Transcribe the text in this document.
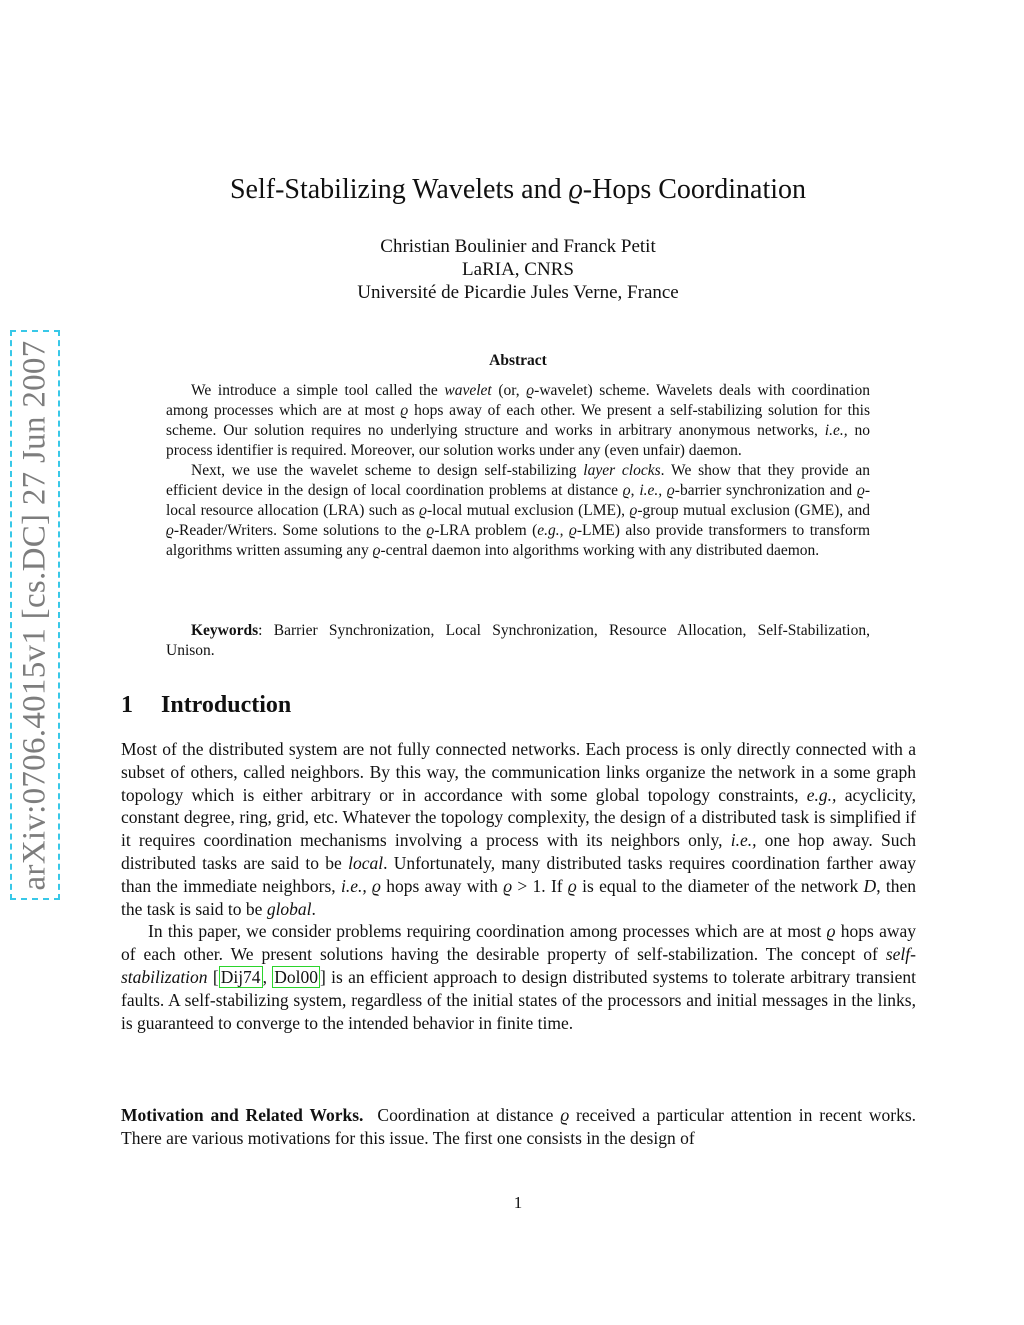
arXiv:0706.4015v1 [cs.DC] 27 Jun 2007
Self-Stabilizing Wavelets and ϱ-Hops Coordination
Christian Boulinier and Franck Petit
LaRIA, CNRS
Université de Picardie Jules Verne, France
Abstract

We introduce a simple tool called the wavelet (or, ϱ-wavelet) scheme. Wavelets deals with coordination among processes which are at most ϱ hops away of each other. We present a self-stabilizing solution for this scheme. Our solution requires no underlying structure and works in arbitrary anonymous networks, i.e., no process identifier is required. Moreover, our solution works under any (even unfair) daemon.

Next, we use the wavelet scheme to design self-stabilizing layer clocks. We show that they provide an efficient device in the design of local coordination problems at distance ϱ, i.e., ϱ-barrier synchronization and ϱ-local resource allocation (LRA) such as ϱ-local mutual exclusion (LME), ϱ-group mutual exclusion (GME), and ϱ-Reader/Writers. Some solutions to the ϱ-LRA problem (e.g., ϱ-LME) also provide transformers to transform algorithms written assuming any ϱ-central daemon into algorithms working with any distributed daemon.

Keywords: Barrier Synchronization, Local Synchronization, Resource Allocation, Self-Stabilization, Unison.
1 Introduction

Most of the distributed system are not fully connected networks. Each process is only directly connected with a subset of others, called neighbors. By this way, the communication links organize the network in a some graph topology which is either arbitrary or in accordance with some global topology constraints, e.g., acyclicity, constant degree, ring, grid, etc. Whatever the topology complexity, the design of a distributed task is simplified if it requires coordination mechanisms involving a process with its neighbors only, i.e., one hop away. Such distributed tasks are said to be local. Unfortunately, many distributed tasks requires coordination farther away than the immediate neighbors, i.e., ϱ hops away with ϱ > 1. If ϱ is equal to the diameter of the network D, then the task is said to be global.

In this paper, we consider problems requiring coordination among processes which are at most ϱ hops away of each other. We present solutions having the desirable property of self-stabilization. The concept of self-stabilization [ Dij74 , Dol00 ] is an efficient approach to design distributed systems to tolerate arbitrary transient faults. A self-stabilizing system, regardless of the initial states of the processors and initial messages in the links, is guaranteed to converge to the intended behavior in finite time.

Motivation and Related Works. Coordination at distance ϱ received a particular attention in recent works. There are various motivations for this issue. The first one consists in the design of
1
